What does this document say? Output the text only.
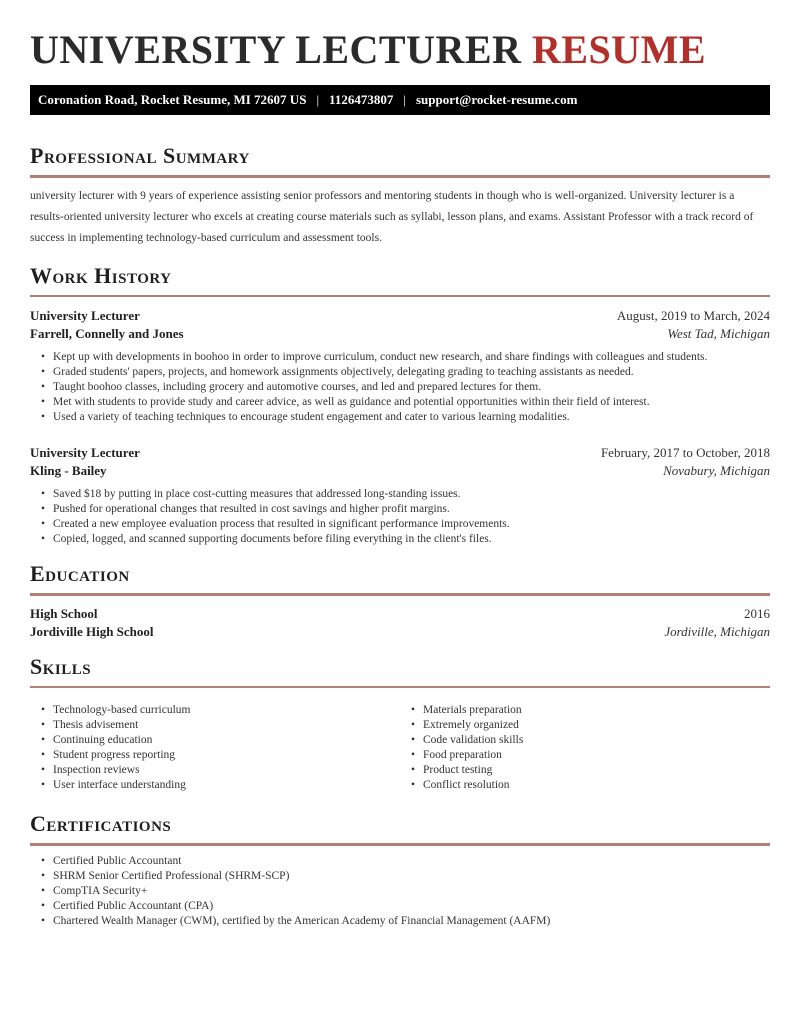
UNIVERSITY LECTURER RESUME
Coronation Road, Rocket Resume, MI 72607 US | 1126473807 | support@rocket-resume.com
Professional Summary

university lecturer with 9 years of experience assisting senior professors and mentoring students in though who is well-organized. University lecturer is a results-oriented university lecturer who excels at creating course materials such as syllabi, lesson plans, and exams. Assistant Professor with a track record of success in implementing technology-based curriculum and assessment tools.

Work History
University Lecturer	August, 2019 to March, 2024
Farrell, Connelly and Jones	West Tad, Michigan
• Kept up with developments in boohoo in order to improve curriculum, conduct new research, and share findings with colleagues and students.
• Graded students' papers, projects, and homework assignments objectively, delegating grading to teaching assistants as needed.
• Taught boohoo classes, including grocery and automotive courses, and led and prepared lectures for them.
• Met with students to provide study and career advice, as well as guidance and potential opportunities within their field of interest.
• Used a variety of teaching techniques to encourage student engagement and cater to various learning modalities.
University Lecturer	February, 2017 to October, 2018
Kling - Bailey	Novabury, Michigan
• Saved $18 by putting in place cost-cutting measures that addressed long-standing issues.
• Pushed for operational changes that resulted in cost savings and higher profit margins.
• Created a new employee evaluation process that resulted in significant performance improvements.
• Copied, logged, and scanned supporting documents before filing everything in the client's files.
Education
High School	2016
Jordiville High School	Jordiville, Michigan
Skills
• Technology-based curriculum
• Thesis advisement
• Continuing education
• Student progress reporting
• Inspection reviews
• User interface understanding
• Materials preparation
• Extremely organized
• Code validation skills
• Food preparation
• Product testing
• Conflict resolution
Certifications
• Certified Public Accountant
• SHRM Senior Certified Professional (SHRM-SCP)
• CompTIA Security+
• Certified Public Accountant (CPA)
• Chartered Wealth Manager (CWM), certified by the American Academy of Financial Management (AAFM)
